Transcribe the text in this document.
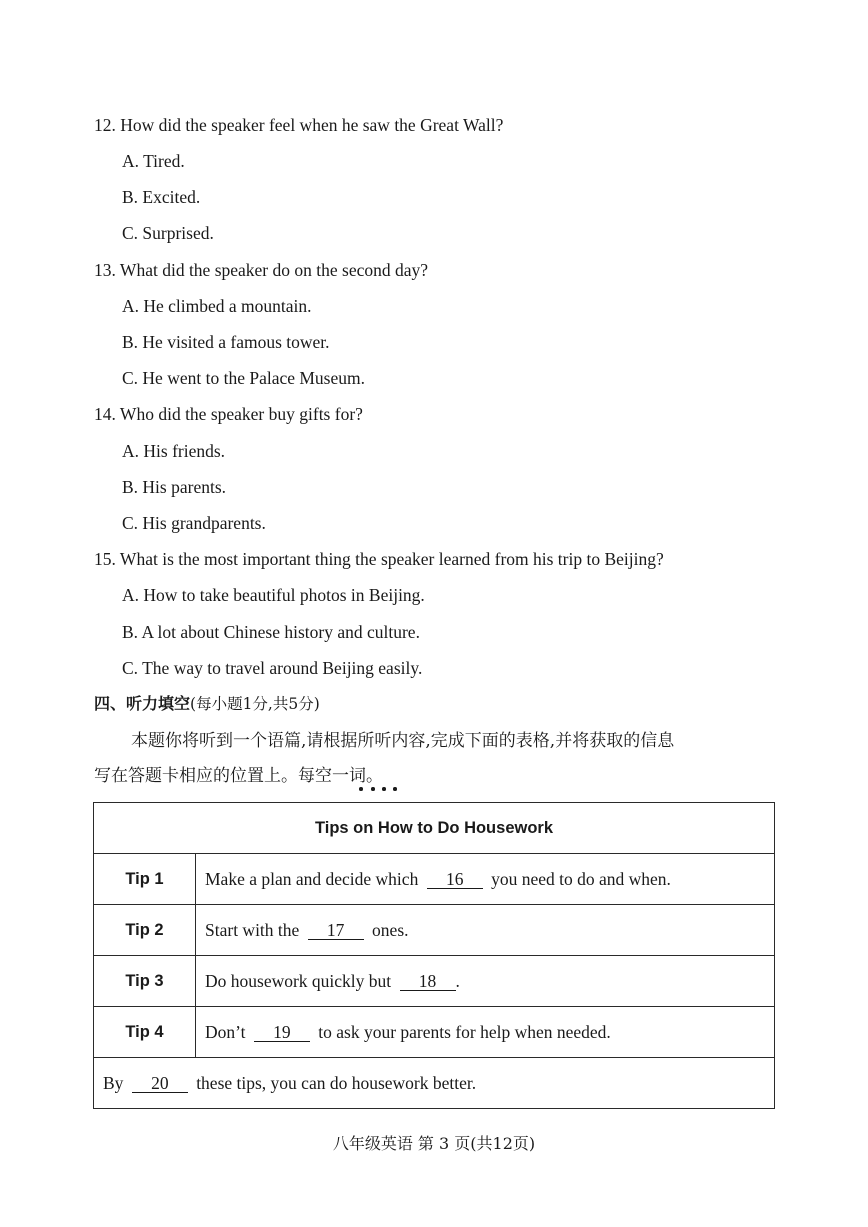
12. How did the speaker feel when he saw the Great Wall?
A. Tired.
B. Excited.
C. Surprised.
13. What did the speaker do on the second day?
A. He climbed a mountain.
B. He visited a famous tower.
C. He went to the Palace Museum.
14. Who did the speaker buy gifts for?
A. His friends.
B. His parents.
C. His grandparents.
15. What is the most important thing the speaker learned from his trip to Beijing?
A. How to take beautiful photos in Beijing.
B. A lot about Chinese history and culture.
C. The way to travel around Beijing easily.
四、听力填空(每小题1分,共5分)
本题你将听到一个语篇,请根据所听内容,完成下面的表格,并将获取的信息
写在答题卡相应的位置上。每空一词。
Tips on How to Do Housework	
Tip 1	Make a plan and decide which 16 you need to do and when.
Tip 2	Start with the 17 ones.
Tip 3	Do housework quickly but 18 .
Tip 4	Don’t 19 to ask your parents for help when needed.
By 20 these tips, you can do housework better.	
八年级英语 第 3 页(共12页)
